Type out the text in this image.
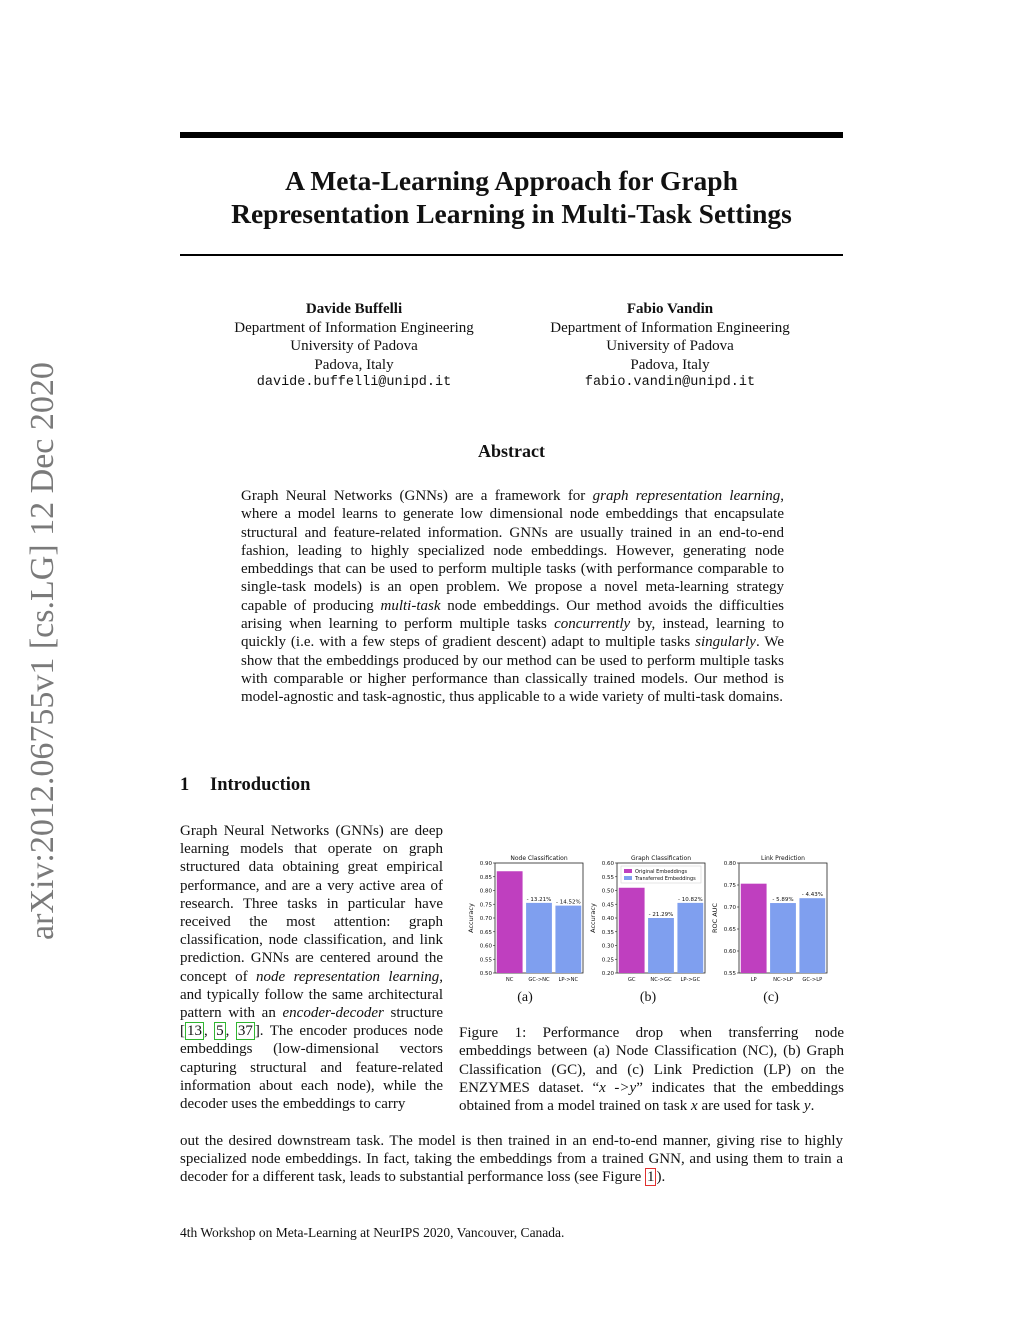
arXiv:2012.06755v1 [cs.LG] 12 Dec 2020
A Meta-Learning Approach for Graph
Representation Learning in Multi-Task Settings
Davide Buffelli
Department of Information Engineering
University of Padova
Padova, Italy
davide.buffelli@unipd.it
Fabio Vandin
Department of Information Engineering
University of Padova
Padova, Italy
fabio.vandin@unipd.it
Abstract
Graph Neural Networks (GNNs) are a framework for graph representation learning, where a model learns to generate low dimensional node embeddings that encapsulate structural and feature-related information. GNNs are usually trained in an end-to-end fashion, leading to highly specialized node embeddings. However, generating node embeddings that can be used to perform multiple tasks (with performance comparable to single-task models) is an open problem. We propose a novel meta-learning strategy capable of producing multi-task node embeddings. Our method avoids the difficulties arising when learning to perform multiple tasks concurrently by, instead, learning to quickly (i.e. with a few steps of gradient descent) adapt to multiple tasks singularly. We show that the embeddings produced by our method can be used to perform multiple tasks with comparable or higher performance than classically trained models. Our method is model-agnostic and task-agnostic, thus applicable to a wide variety of multi-task domains.
1 Introduction
Graph Neural Networks (GNNs) are deep learning models that operate on graph structured data obtaining great empirical performance, and are a very active area of research. Three tasks in particular have received the most attention: graph classification, node classification, and link prediction. GNNs are centered around the concept of node representation learning, and typically follow the same architectural pattern with an encoder-decoder structure [ 13 , 5 , 37 ]. The encoder produces node embeddings (low-dimensional vectors capturing structural and feature-related information about each node), while the decoder uses the embeddings to carry
Node Classification
Accuracy
0.50
0.55
0.60
0.65
0.70
0.75
0.80
0.85
0.90
NC	GC->NC
- 13.21%
LP->NC
- 14.52%
Graph Classification
Accuracy
0.20
0.25
0.30
0.35
0.40
0.45
0.50
0.55
0.60
GC	NC->GC
- 21.29%
LP->GC
- 10.82%
Original Embeddings
Transferred Embeddings
Link Prediction
ROC AUC
0.55
0.60
0.65
0.70
0.75
0.80
LP	NC->LP
- 5.89%
GC->LP
- 4.43%
(a)	(b)	(c)
Figure 1: Performance drop when transferring node embeddings between (a) Node Classification (NC), (b) Graph Classification (GC), and (c) Link Prediction (LP) on the ENZYMES dataset. “x ->y” indicates that the embeddings obtained from a model trained on task x are used for task y.
out the desired downstream task. The model is then trained in an end-to-end manner, giving rise to highly specialized node embeddings. In fact, taking the embeddings from a trained GNN, and using them to train a decoder for a different task, leads to substantial performance loss (see Figure 1 ).
4th Workshop on Meta-Learning at NeurIPS 2020, Vancouver, Canada.
